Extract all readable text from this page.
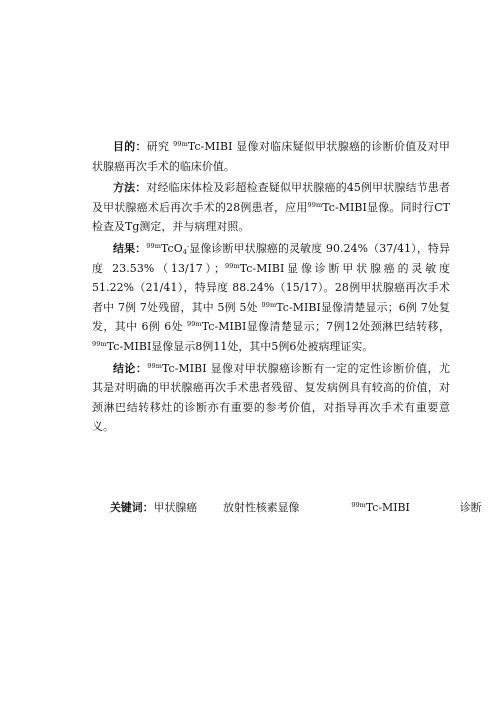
目的：研究 $^{99m}$Tc-MIBI 显像对临床疑似甲状腺癌的诊断价值及对甲状腺癌再次手术的临床价值。

方法：对经临床体检及彩超检查疑似甲状腺癌的45例甲状腺结节患者及甲状腺癌术后再次手术的28例患者，应用$^{99m}$Tc-MIBI显像。同时行CT检查及Tg测定，并与病理对照。

结果：$^{99m}$TcO$_4$-显像诊断甲状腺癌的灵敏度 90.24%（37/41），特异度 23.53%（13/17）；$^{99m}$Tc-MIBI显像诊断甲状腺癌的灵敏度 51.22%（21/41），特异度 88.24%（15/17）。28例甲状腺癌再次手术者中 7例 7处残留，其中 5例 5处 $^{99m}$Tc-MIBI显像清楚显示；6例 7处复发，其中 6例 6处 $^{99m}$Tc-MIBI显像清楚显示；7例12处颈淋巴结转移，$^{99m}$Tc-MIBI显像显示8例11处，其中5例6处被病理证实。

结论：$^{99m}$Tc-MIBI 显像对甲状腺癌诊断有一定的定性诊断价值，尤其是对明确的甲状腺癌再次手术患者残留、复发病例具有较高的价值，对颈淋巴结转移灶的诊断亦有重要的参考价值，对指导再次手术有重要意义。

关键词：甲状腺癌 放射性核素显像	$^{99m}$Tc-MIBI	诊断
